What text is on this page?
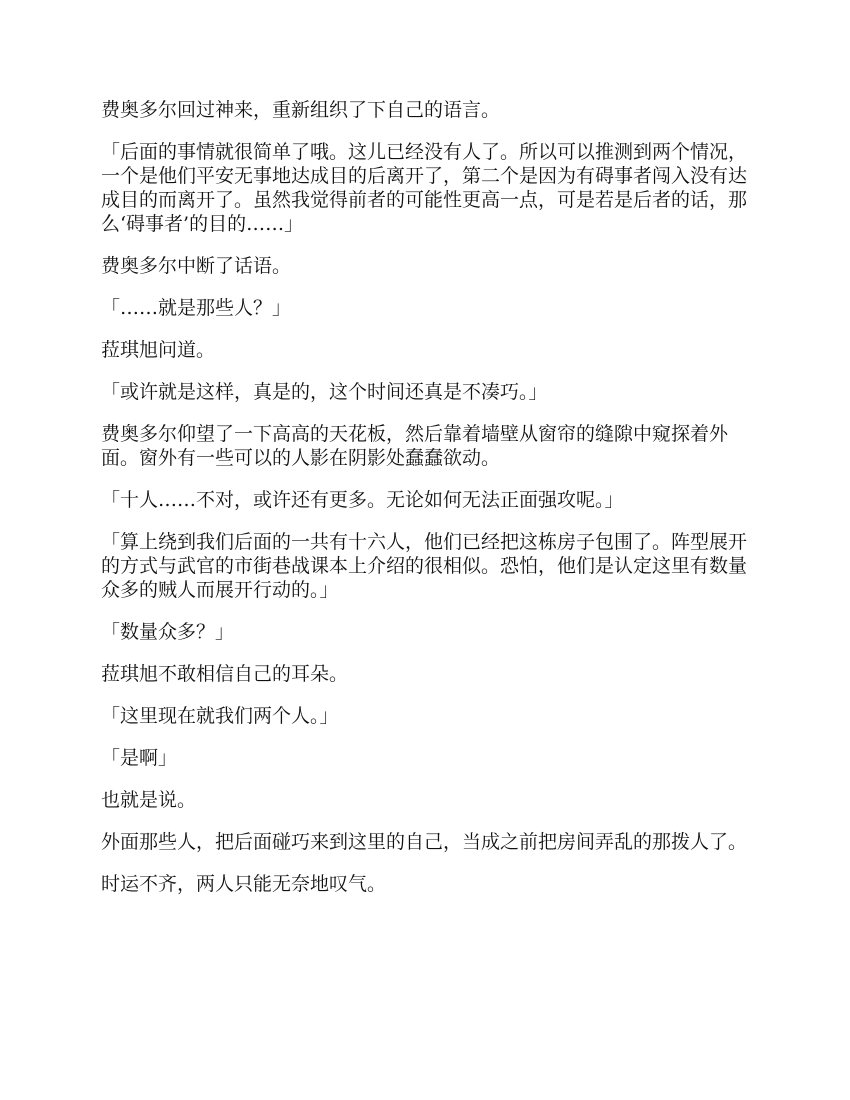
费奥多尔回过神来，重新组织了下自己的语言。

「后面的事情就很简单了哦。这儿已经没有人了。所以可以推测到两个情况，一个是他们平安无事地达成目的后离开了，第二个是因为有碍事者闯入没有达成目的而离开了。虽然我觉得前者的可能性更高一点，可是若是后者的话，那么‘碍事者’的目的……」

费奥多尔中断了话语。

「……就是那些人？」

菈琪旭问道。

「或许就是这样，真是的，这个时间还真是不凑巧。」

费奥多尔仰望了一下高高的天花板，然后靠着墙壁从窗帘的缝隙中窥探着外面。窗外有一些可以的人影在阴影处蠢蠢欲动。

「十人……不对，或许还有更多。无论如何无法正面强攻呢。」

「算上绕到我们后面的一共有十六人，他们已经把这栋房子包围了。阵型展开的方式与武官的市街巷战课本上介绍的很相似。恐怕，他们是认定这里有数量众多的贼人而展开行动的。」

「数量众多？」

菈琪旭不敢相信自己的耳朵。

「这里现在就我们两个人。」

「是啊」

也就是说。

外面那些人，把后面碰巧来到这里的自己，当成之前把房间弄乱的那拨人了。

时运不齐，两人只能无奈地叹气。
